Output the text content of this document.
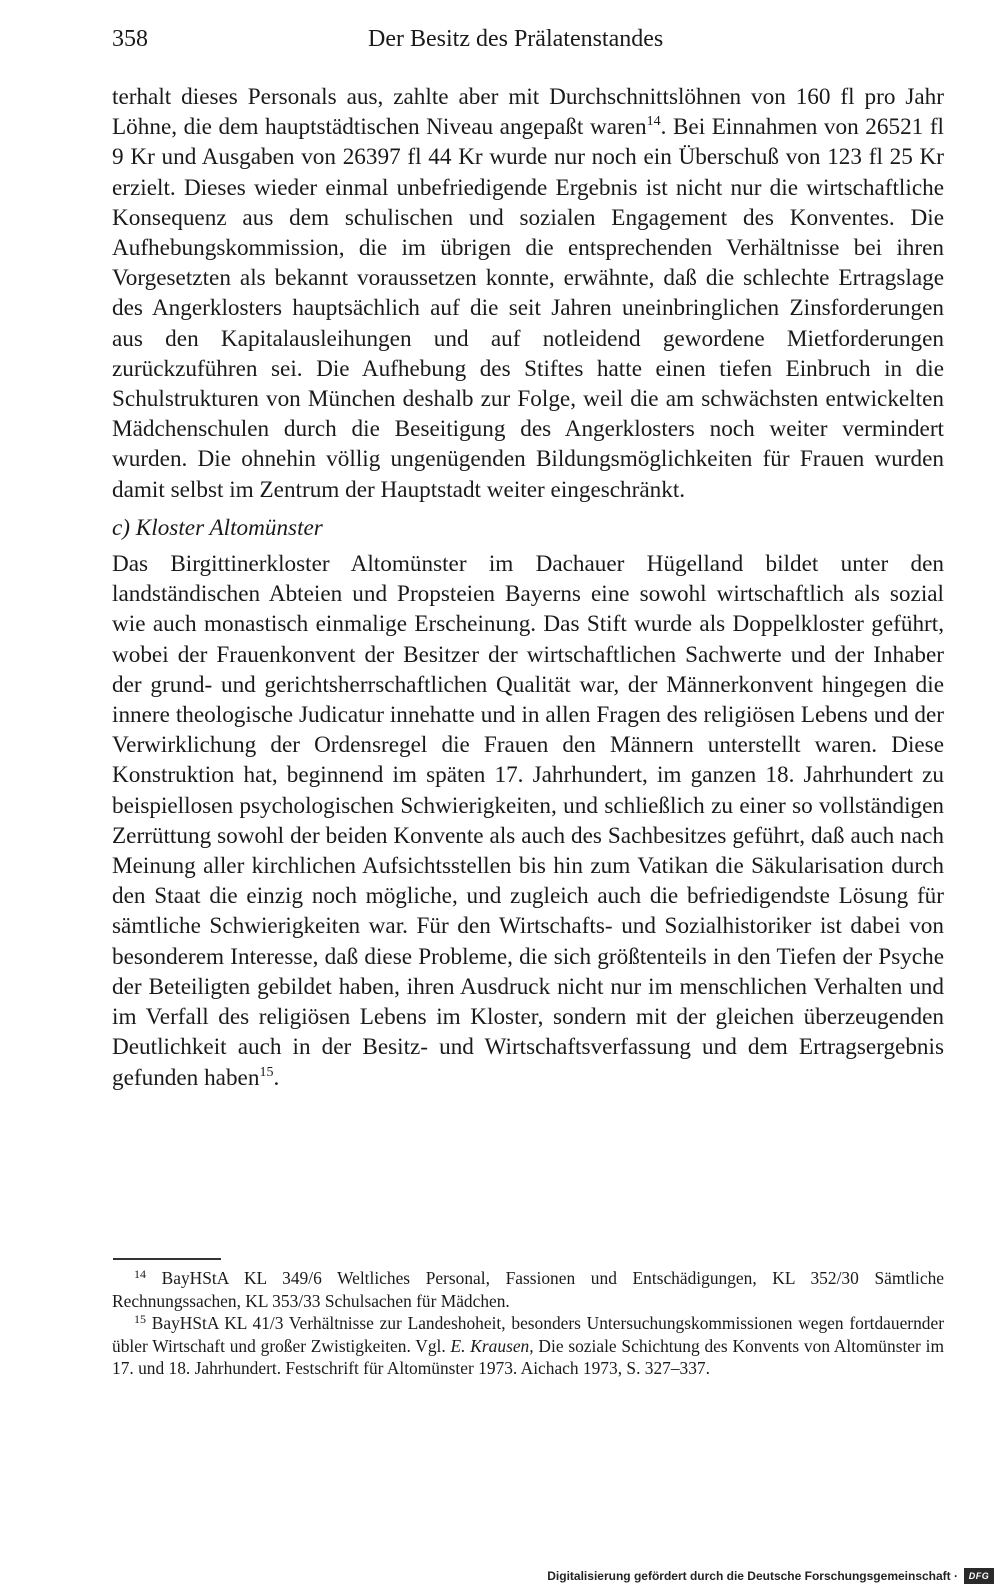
358	Der Besitz des Prälatenstandes

terhalt dieses Personals aus, zahlte aber mit Durchschnittslöhnen von 160 fl pro Jahr Löhne, die dem hauptstädtischen Niveau angepaßt waren$^{14}$. Bei Einnahmen von 26521 fl 9 Kr und Ausgaben von 26397 fl 44 Kr wurde nur noch ein Überschuß von 123 fl 25 Kr erzielt. Dieses wieder einmal unbefriedigende Ergebnis ist nicht nur die wirtschaftliche Konsequenz aus dem schulischen und sozialen Engagement des Konventes. Die Aufhebungskommission, die im übrigen die entsprechenden Verhältnisse bei ihren Vorgesetzten als bekannt voraussetzen konnte, erwähnte, daß die schlechte Ertragslage des Angerklosters hauptsächlich auf die seit Jahren uneinbringlichen Zinsforderungen aus den Kapitalausleihungen und auf notleidend gewordene Mietforderungen zurückzuführen sei. Die Aufhebung des Stiftes hatte einen tiefen Einbruch in die Schulstrukturen von München deshalb zur Folge, weil die am schwächsten entwickelten Mädchenschulen durch die Beseitigung des Angerklosters noch weiter vermindert wurden. Die ohnehin völlig ungenügenden Bildungsmöglichkeiten für Frauen wurden damit selbst im Zentrum der Hauptstadt weiter eingeschränkt.

c) Kloster Altomünster

Das Birgittinerkloster Altomünster im Dachauer Hügelland bildet unter den landständischen Abteien und Propsteien Bayerns eine sowohl wirtschaftlich als sozial wie auch monastisch einmalige Erscheinung. Das Stift wurde als Doppelkloster geführt, wobei der Frauenkonvent der Besitzer der wirtschaftlichen Sachwerte und der Inhaber der grund- und gerichtsherrschaftlichen Qualität war, der Männerkonvent hingegen die innere theologische Judicatur innehatte und in allen Fragen des religiösen Lebens und der Verwirklichung der Ordensregel die Frauen den Männern unterstellt waren. Diese Konstruktion hat, beginnend im späten 17. Jahrhundert, im ganzen 18. Jahrhundert zu beispiellosen psychologischen Schwierigkeiten, und schließlich zu einer so vollständigen Zerrüttung sowohl der beiden Konvente als auch des Sachbesitzes geführt, daß auch nach Meinung aller kirchlichen Aufsichtsstellen bis hin zum Vatikan die Säkularisation durch den Staat die einzig noch mögliche, und zugleich auch die befriedigendste Lösung für sämtliche Schwierigkeiten war. Für den Wirtschafts- und Sozialhistoriker ist dabei von besonderem Interesse, daß diese Probleme, die sich größtenteils in den Tiefen der Psyche der Beteiligten gebildet haben, ihren Ausdruck nicht nur im menschlichen Verhalten und im Verfall des religiösen Lebens im Kloster, sondern mit der gleichen überzeugenden Deutlichkeit auch in der Besitz- und Wirtschaftsverfassung und dem Ertragsergebnis gefunden haben$^{15}$.

$^{14}$ BayHStA KL 349/6 Weltliches Personal, Fassionen und Entschädigungen, KL 352/30 Sämtliche Rechnungssachen, KL 353/33 Schulsachen für Mädchen.

$^{15}$ BayHStA KL 41/3 Verhältnisse zur Landeshoheit, besonders Untersuchungskommissionen wegen fortdauernder übler Wirtschaft und großer Zwistigkeiten. Vgl. E. Krausen, Die soziale Schichtung des Konvents von Altomünster im 17. und 18. Jahrhundert. Festschrift für Altomünster 1973. Aichach 1973, S. 327–337.

Digitalisierung gefördert durch die Deutsche Forschungsgemeinschaft ·	DFG
